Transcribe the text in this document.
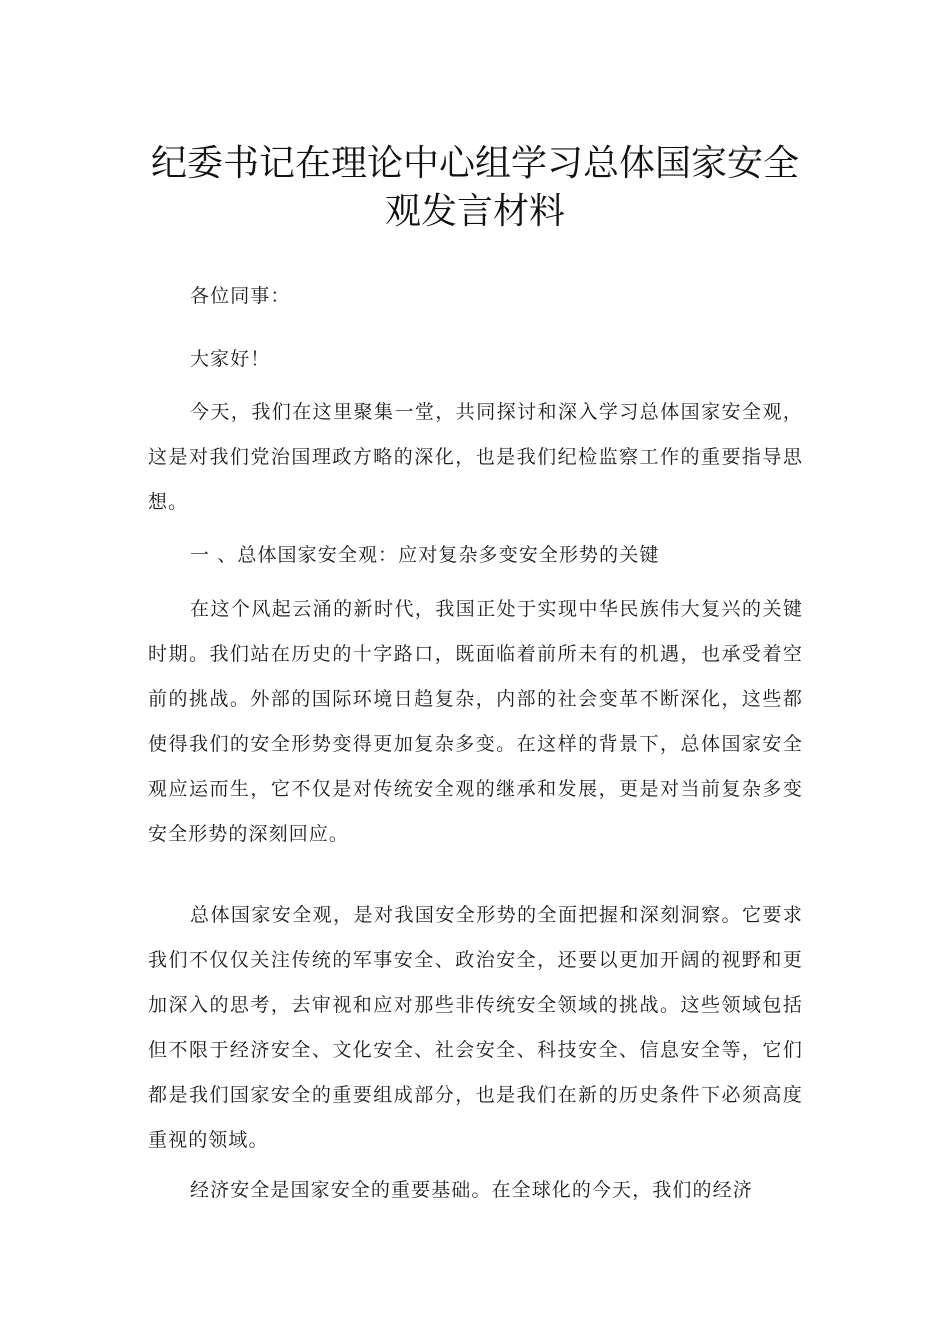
纪委书记在理论中心组学习总体国家安全
观发言材料

各位同事：

大家好！

今天，我们在这里聚集一堂，共同探讨和深入学习总体国家安全观，这是对我们党治国理政方略的深化，也是我们纪检监察工作的重要指导思想。

一 、总体国家安全观：应对复杂多变安全形势的关键

在这个风起云涌的新时代，我国正处于实现中华民族伟大复兴的关键时期。我们站在历史的十字路口，既面临着前所未有的机遇，也承受着空前的挑战。外部的国际环境日趋复杂，内部的社会变革不断深化，这些都使得我们的安全形势变得更加复杂多变。在这样的背景下，总体国家安全观应运而生，它不仅是对传统安全观的继承和发展，更是对当前复杂多变安全形势的深刻回应。

总体国家安全观，是对我国安全形势的全面把握和深刻洞察。它要求我们不仅仅关注传统的军事安全、政治安全，还要以更加开阔的视野和更加深入的思考，去审视和应对那些非传统安全领域的挑战。这些领域包括但不限于经济安全、文化安全、社会安全、科技安全、信息安全等，它们都是我们国家安全的重要组成部分，也是我们在新的历史条件下必须高度重视的领域。

经济安全是国家安全的重要基础。在全球化的今天，我们的经济
